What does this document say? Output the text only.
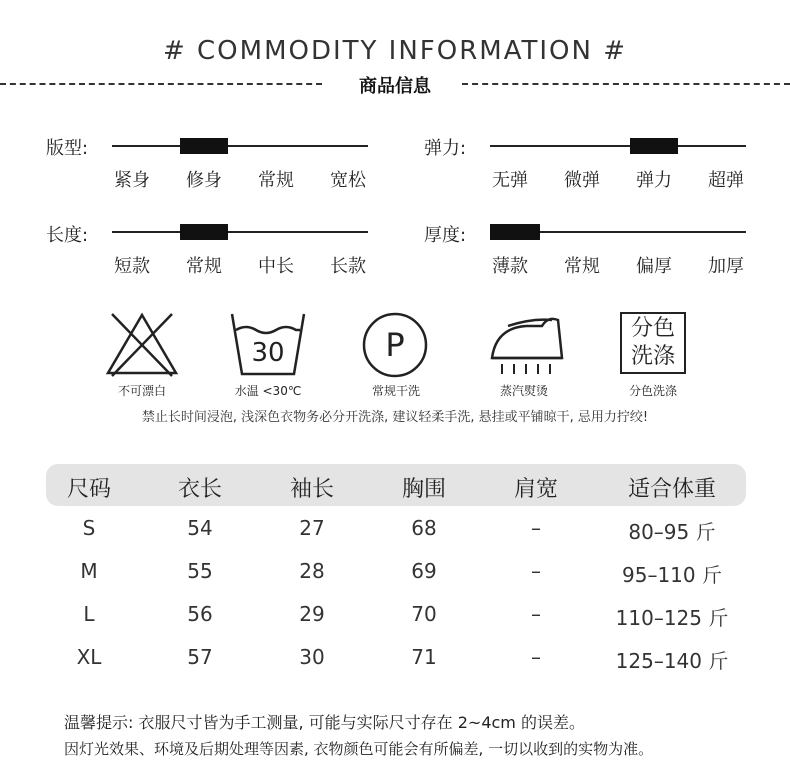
# COMMODITY INFORMATION #
商品信息
版型:
紧身	修身	常规	宽松
弹力:
无弹	微弹	弹力	超弹
长度:
短款	常规	中长	长款
厚度:
薄款	常规	偏厚	加厚
不可漂白
30
水温 <30℃
P
常规干洗	蒸汽熨烫
分色
洗涤
分色洗涤
禁止长时间浸泡, 浅深色衣物务必分开洗涤, 建议轻柔手洗, 悬挂或平铺晾干, 忌用力拧绞!
尺码	衣长	袖长	胸围	肩宽	适合体重
S	54	27	68	–	80–95 斤
M	55	28	69	–	95–110 斤
L	56	29	70	–	110–125 斤
XL	57	30	71	–	125–140 斤
温馨提示: 衣服尺寸皆为手工测量, 可能与实际尺寸存在 2~4cm 的误差。
因灯光效果、环境及后期处理等因素, 衣物颜色可能会有所偏差, 一切以收到的实物为准。
